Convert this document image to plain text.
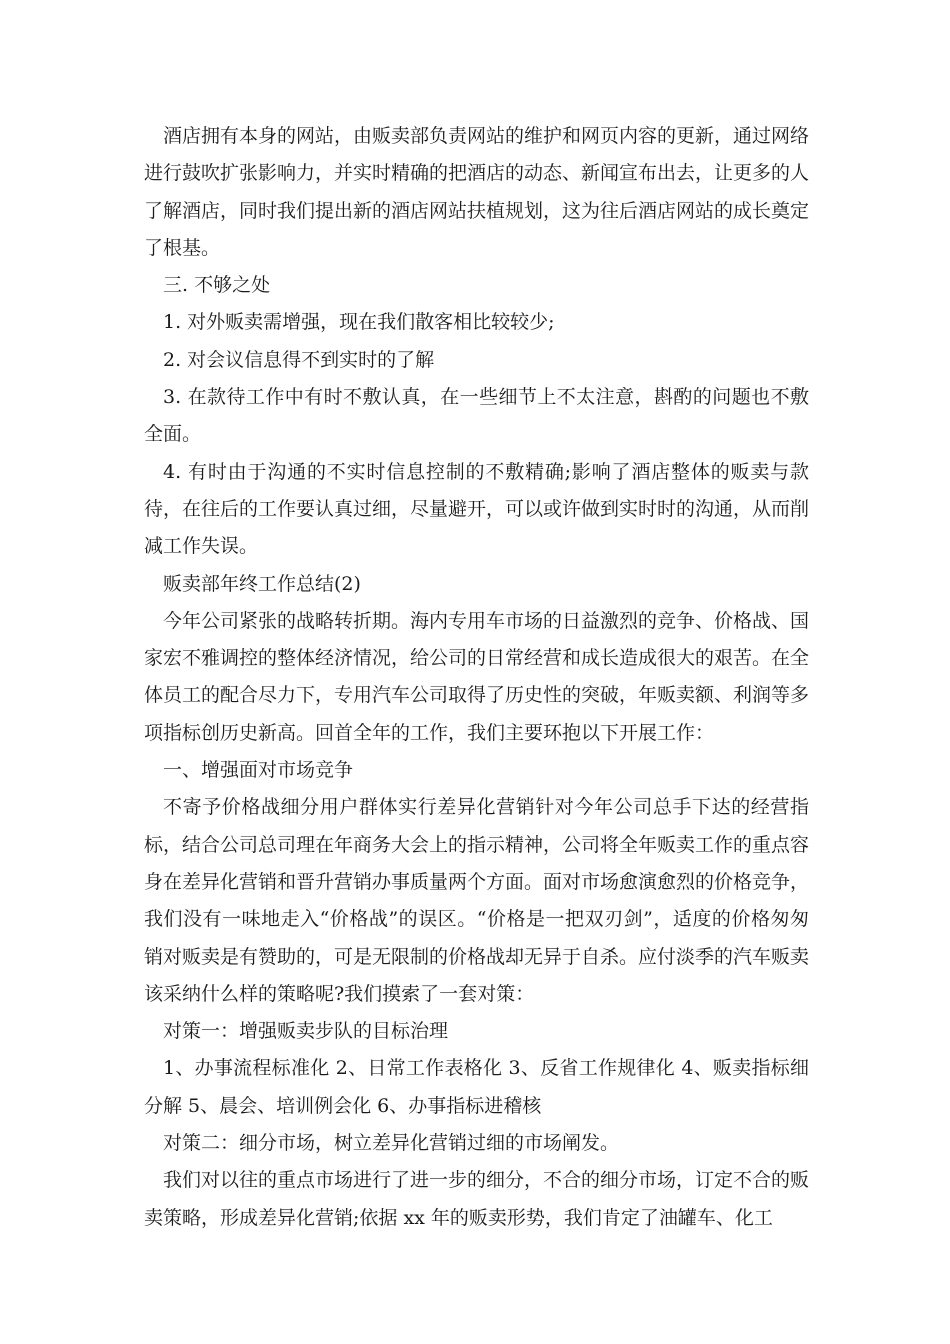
酒店拥有本身的网站，由贩卖部负责网站的维护和网页内容的更新，通过网络进行鼓吹扩张影响力，并实时精确的把酒店的动态、新闻宣布出去，让更多的人了解酒店，同时我们提出新的酒店网站扶植规划，这为往后酒店网站的成长奠定了根基。

三. 不够之处

1. 对外贩卖需增强，现在我们散客相比较较少;

2. 对会议信息得不到实时的了解

3. 在款待工作中有时不敷认真，在一些细节上不太注意，斟酌的问题也不敷全面。

4. 有时由于沟通的不实时信息控制的不敷精确;影响了酒店整体的贩卖与款待，在往后的工作要认真过细，尽量避开，可以或许做到实时时的沟通，从而削减工作失误。

贩卖部年终工作总结(2)

今年公司紧张的战略转折期。海内专用车市场的日益激烈的竞争、价格战、国家宏不雅调控的整体经济情况，给公司的日常经营和成长造成很大的艰苦。在全体员工的配合尽力下，专用汽车公司取得了历史性的突破，年贩卖额、利润等多项指标创历史新高。回首全年的工作，我们主要环抱以下开展工作：

一、增强面对市场竞争

不寄予价格战细分用户群体实行差异化营销针对今年公司总手下达的经营指标，结合公司总司理在年商务大会上的指示精神，公司将全年贩卖工作的重点容身在差异化营销和晋升营销办事质量两个方面。面对市场愈演愈烈的价格竞争，我们没有一味地走入“价格战”的误区。“价格是一把双刃剑”，适度的价格匆匆销对贩卖是有赞助的，可是无限制的价格战却无异于自杀。应付淡季的汽车贩卖该采纳什么样的策略呢?我们摸索了一套对策：

对策一：增强贩卖步队的目标治理

1、办事流程标准化 2、日常工作表格化 3、反省工作规律化 4、贩卖指标细分解 5、晨会、培训例会化 6、办事指标进稽核

对策二：细分市场，树立差异化营销过细的市场阐发。

我们对以往的重点市场进行了进一步的细分，不合的细分市场，订定不合的贩卖策略，形成差异化营销;依据 xx 年的贩卖形势，我们肯定了油罐车、化工
